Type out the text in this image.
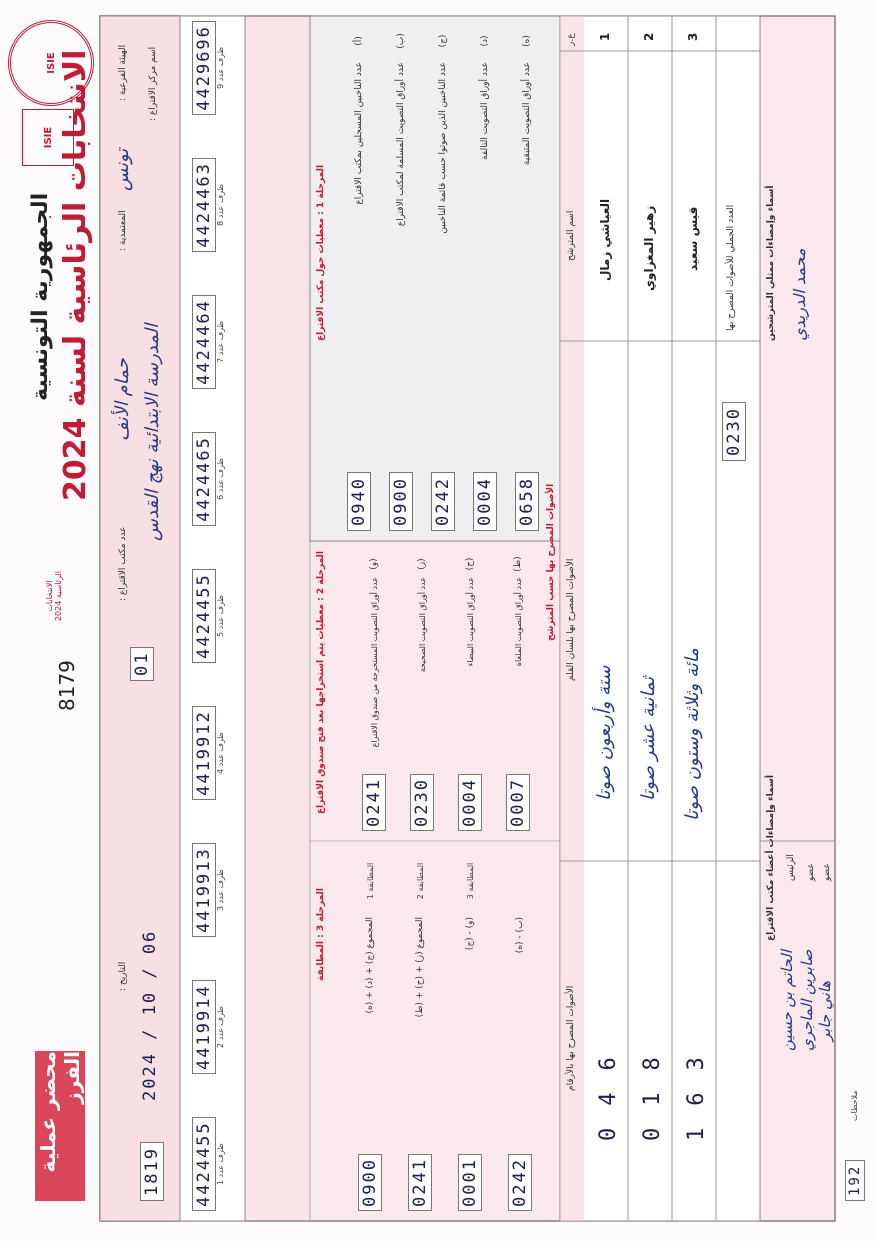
ISIE
ISIE
الجمهورية التونسية
الانتخابات الرئاسية لسنة 2024
الانتخابات الرئاسية 2024
8179
محضر عملية الفرز
الهيئة الفرعية :
تونس
المعتمدية :
حمام الأنف
اسم مركز الاقتراع :
المدرسة الابتدائية نهج القدس
عدد مكتب الاقتراع :
01
التاريخ : 2024 / 10 / 06
1819
4429696 ظرف عدد 9
4424463 ظرف عدد 8
4424464 ظرف عدد 7
4424465 ظرف عدد 6
4424455 ظرف عدد 5
4419912 ظرف عدد 4
4419913 ظرف عدد 3
4419914 ظرف عدد 2
4424455 ظرف عدد 1
المرحلة 1 : معطيات حول مكتب الاقتراع
(أ)
عدد الناخبين المسجلين بمكتب الاقتراع
0940
(ب)
عدد أوراق التصويت المسلمة لمكتب الاقتراع
0900
(ج)
عدد الناخبين الذين صوتوا حسب قائمة الناخبين
0242
(د)
عدد أوراق التصويت التالفة
0004
(ه)
عدد أوراق التصويت المتبقية
0658
المرحلة 2 : معطيات يتم استخراجها بعد فتح صندوق الاقتراع	(و)
عدد أوراق التصويت المستخرجة من صندوق الاقتراع
0241
(ز)
عدد أوراق التصويت الصحيحة
0230
(ح)
عدد أوراق التصويت البيضاء
0004
(ط)
عدد أوراق التصويت الملغاة
0007
المرحلة 3 : المطابقة	المطابقة 1
المجموع (ج) + (د) + (ه)
0900
المطابقة 2
المجموع (ز) + (ح) + (ط)
0241
المطابقة 3
(و) - (ج)
0001
(ب) - (ه)
0242
ع.ر
اسم المترشح
الأصوات المصرح بها بلسان القلم
الأصوات المصرح بها بالأرقام
الأصوات المصرح بها حسب المترشح
1
العياشي زمال
ستة وأربعون صوتا
046
2
زهير المغزاوي
ثمانية عشر صوتا
018
3
قيس سعيد
مائة وثلاثة وستون صوتا
163
العدد الجملي للأصوات المصرح بها
0230
أسماء وإمضاءات أعضاء مكتب الاقتراع الرئيس عضو عضو
الحاتم بن حسين صابرين الماجري هاني جابر
أسماء وإمضاءات ممثلي المترشحين محمد الدريدي
192
ملاحظات
